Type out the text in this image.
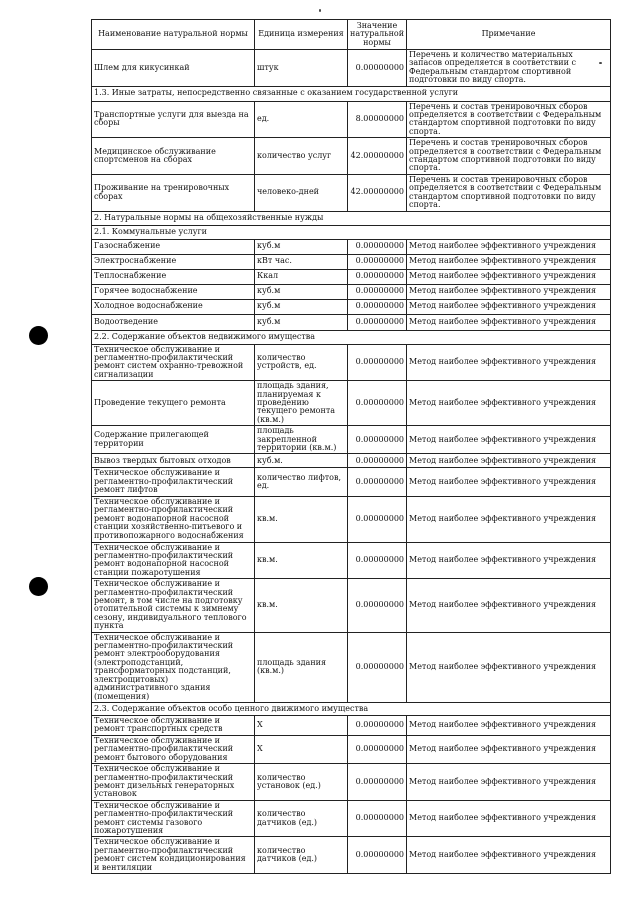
Наименование натуральной нормы	Единица измерения	Значение натуральной нормы	Примечание
Шлем для кикусинкай	штук	0.00000000	Перечень и количество материальных запасов определяется в соответствии с Федеральным стандартом спортивной подготовки по виду спорта.
1.3. Иные затраты, непосредственно связанные с оказанием государственной услуги			
Транспортные услуги для выезда на сборы	ед.	8.00000000	Перечень и состав тренировочных сборов определяется в соответствии с Федеральным стандартом спортивной подготовки по виду спорта.
Медицинское обслуживание спортсменов на сборах	количество услуг	42.00000000	Перечень и состав тренировочных сборов определяется в соответствии с Федеральным стандартом спортивной подготовки по виду спорта.
Проживание на тренировочных сборах	человеко-дней	42.00000000	Перечень и состав тренировочных сборов определяется в соответствии с Федеральным стандартом спортивной подготовки по виду спорта.
2. Натуральные нормы на общехозяйственные нужды			
2.1. Коммунальные услуги			
Газоснабжение	куб.м	0.00000000	Метод наиболее эффективного учреждения
Электроснабжение	кВт час.	0.00000000	Метод наиболее эффективного учреждения
Теплоснабжение	Ккал	0.00000000	Метод наиболее эффективного учреждения
Горячее водоснабжение	куб.м	0.00000000	Метод наиболее эффективного учреждения
Холодное водоснабжение	куб.м	0.00000000	Метод наиболее эффективного учреждения
Водоотведение	куб.м	0.00000000	Метод наиболее эффективного учреждения
2.2. Содержание объектов недвижимого имущества			
Техническое обслуживание и регламентно-профилактический ремонт систем охранно-тревожной сигнализации	количество устройств, ед.	0.00000000	Метод наиболее эффективного учреждения
Проведение текущего ремонта	площадь здания, планируемая к проведению текущего ремонта (кв.м.)	0.00000000	Метод наиболее эффективного учреждения
Содержание прилегающей территории	площадь закрепленной территории (кв.м.)	0.00000000	Метод наиболее эффективного учреждения
Вывоз твердых бытовых отходов	куб.м.	0.00000000	Метод наиболее эффективного учреждения
Техническое обслуживание и регламентно-профилактический ремонт лифтов	количество лифтов, ед.	0.00000000	Метод наиболее эффективного учреждения
Техническое обслуживание и регламентно-профилактический ремонт водонапорной насосной станции хозяйственно-питьевого и противопожарного водоснабжения	кв.м.	0.00000000	Метод наиболее эффективного учреждения
Техническое обслуживание и регламентно-профилактический ремонт водонапорной насосной станции пожаротушения	кв.м.	0.00000000	Метод наиболее эффективного учреждения
Техническое обслуживание и регламентно-профилактический ремонт, в том числе на подготовку отопительной системы к зимнему сезону, индивидуального теплового пункта	кв.м.	0.00000000	Метод наиболее эффективного учреждения
Техническое обслуживание и регламентно-профилактический ремонт электрооборудования (электроподстанций, трансформаторных подстанций, электрощитовых) административного здания (помещения)	площадь здания (кв.м.)	0.00000000	Метод наиболее эффективного учреждения
2.3. Содержание объектов особо ценного движимого имущества			
Техническое обслуживание и ремонт транспортных средств	X	0.00000000	Метод наиболее эффективного учреждения
Техническое обслуживание и регламентно-профилактический ремонт бытового оборудования	X	0.00000000	Метод наиболее эффективного учреждения
Техническое обслуживание и регламентно-профилактический ремонт дизельных генераторных установок	количество установок (ед.)	0.00000000	Метод наиболее эффективного учреждения
Техническое обслуживание и регламентно-профилактический ремонт системы газового пожаротушения	количество датчиков (ед.)	0.00000000	Метод наиболее эффективного учреждения
Техническое обслуживание и регламентно-профилактический ремонт систем кондиционирования и вентиляции	количество датчиков (ед.)	0.00000000	Метод наиболее эффективного учреждения
